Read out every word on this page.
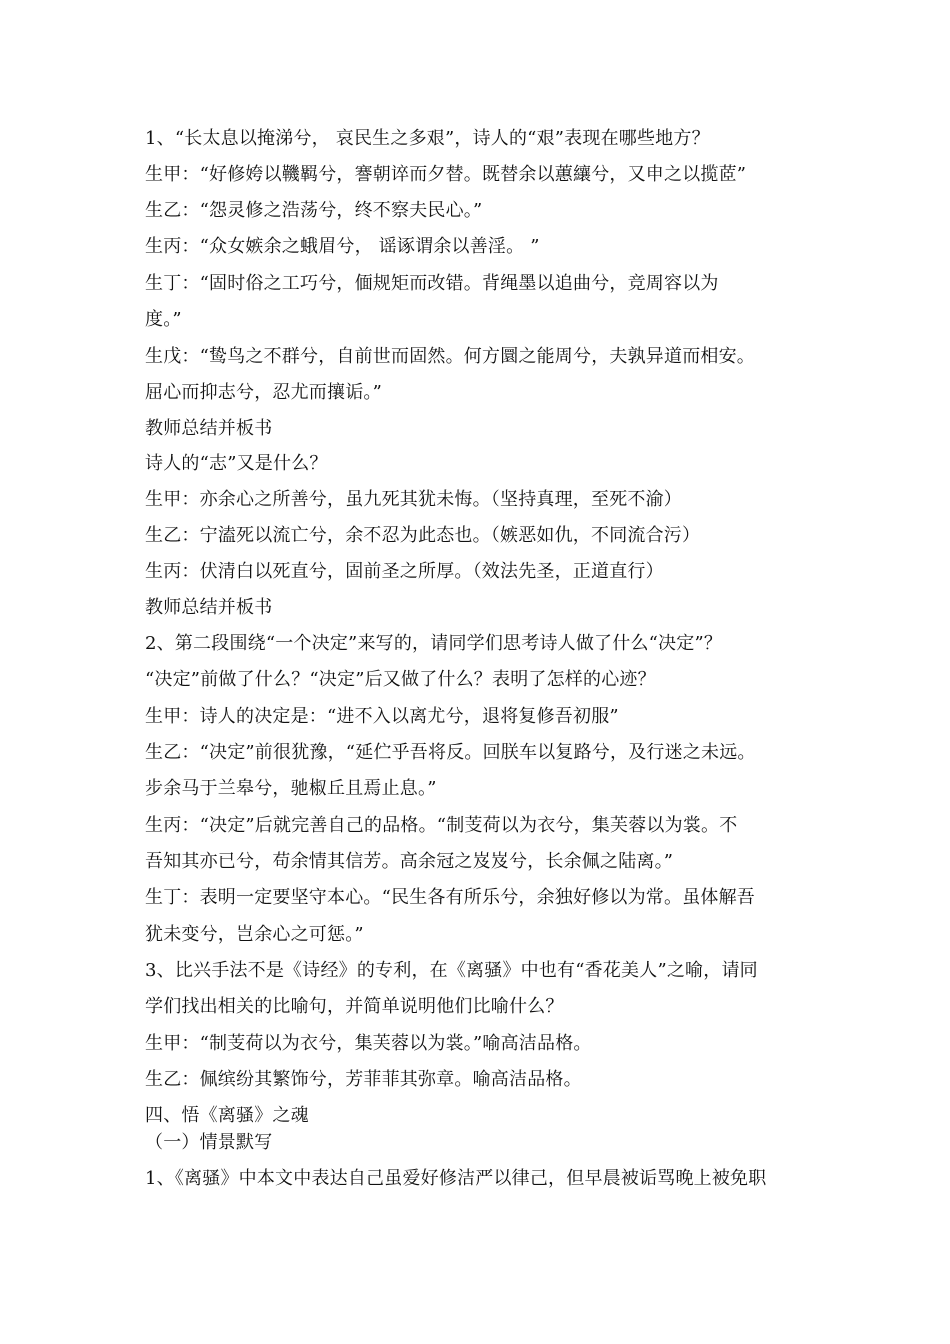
1、“长太息以掩涕兮， 哀民生之多艰”，诗人的“艰”表现在哪些地方？
生甲：“好修姱以鞿羁兮，謇朝谇而夕替。既替余以蕙纕兮，又申之以揽茝”
生乙：“怨灵修之浩荡兮，终不察夫民心。”
生丙：“众女嫉余之蛾眉兮， 谣诼谓余以善淫。 ”
生丁：“固时俗之工巧兮，偭规矩而改错。背绳墨以追曲兮，竞周容以为
度。”
生戊：“鸷鸟之不群兮，自前世而固然。何方圜之能周兮，夫孰异道而相安。
屈心而抑志兮，忍尤而攘诟。”
教师总结并板书
诗人的“志”又是什么？
生甲：亦余心之所善兮，虽九死其犹未悔。（坚持真理，至死不渝）
生乙：宁溘死以流亡兮，余不忍为此态也。（嫉恶如仇，不同流合污）
生丙：伏清白以死直兮，固前圣之所厚。（效法先圣，正道直行）
教师总结并板书
2、第二段围绕“一个决定”来写的，请同学们思考诗人做了什么“决定”？
“决定”前做了什么？“决定”后又做了什么？表明了怎样的心迹？
生甲：诗人的决定是：“进不入以离尤兮，退将复修吾初服”
生乙：“决定”前很犹豫，“延伫乎吾将反。回朕车以复路兮，及行迷之未远。
步余马于兰皋兮，驰椒丘且焉止息。”
生丙：“决定”后就完善自己的品格。“制芰荷以为衣兮，集芙蓉以为裳。不
吾知其亦已兮，苟余情其信芳。高余冠之岌岌兮，长余佩之陆离。”
生丁：表明一定要坚守本心。“民生各有所乐兮，余独好修以为常。虽体解吾
犹未变兮，岂余心之可惩。”
3、比兴手法不是《诗经》的专利，在《离骚》中也有“香花美人”之喻，请同
学们找出相关的比喻句，并简单说明他们比喻什么？
生甲：“制芰荷以为衣兮，集芙蓉以为裳。”喻高洁品格。
生乙：佩缤纷其繁饰兮，芳菲菲其弥章。喻高洁品格。
四、悟《离骚》之魂
（一）情景默写
1、《离骚》中本文中表达自己虽爱好修洁严以律己，但早晨被诟骂晚上被免职
